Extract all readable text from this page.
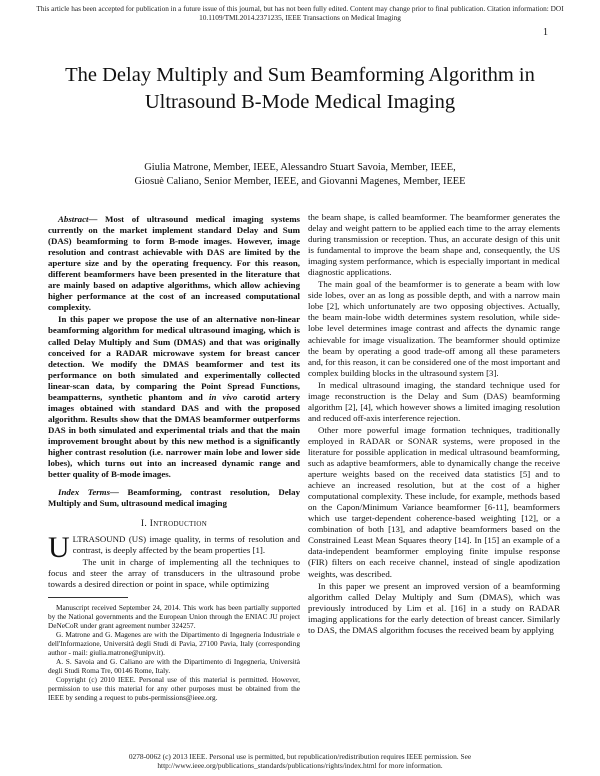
This article has been accepted for publication in a future issue of this journal, but has not been fully edited. Content may change prior to final publication. Citation information: DOI 10.1109/TMI.2014.2371235, IEEE Transactions on Medical Imaging
1
The Delay Multiply and Sum Beamforming Algorithm in Ultrasound B-Mode Medical Imaging
Giulia Matrone, Member, IEEE, Alessandro Stuart Savoia, Member, IEEE,
Giosuè Caliano, Senior Member, IEEE, and Giovanni Magenes, Member, IEEE

Abstract— Most of ultrasound medical imaging systems currently on the market implement standard Delay and Sum (DAS) beamforming to form B-mode images. However, image resolution and contrast achievable with DAS are limited by the aperture size and by the operating frequency. For this reason, different beamformers have been presented in the literature that are mainly based on adaptive algorithms, which allow achieving higher performance at the cost of an increased computational complexity.

In this paper we propose the use of an alternative non-linear beamforming algorithm for medical ultrasound imaging, which is called Delay Multiply and Sum (DMAS) and that was originally conceived for a RADAR microwave system for breast cancer detection. We modify the DMAS beamformer and test its performance on both simulated and experimentally collected linear-scan data, by comparing the Point Spread Functions, beampatterns, synthetic phantom and in vivo carotid artery images obtained with standard DAS and with the proposed algorithm. Results show that the DMAS beamformer outperforms DAS in both simulated and experimental trials and that the main improvement brought about by this new method is a significantly higher contrast resolution (i.e. narrower main lobe and lower side lobes), which turns out into an increased dynamic range and better quality of B-mode images.

Index Terms— Beamforming, contrast resolution, Delay Multiply and Sum, ultrasound medical imaging

I. Introduction

ULTRASOUND (US) image quality, in terms of resolution and contrast, is deeply affected by the beam properties [1].

The unit in charge of implementing all the techniques to focus and steer the array of transducers in the ultrasound probe towards a desired direction or point in space, while optimizing

Manuscript received September 24, 2014. This work has been partially supported by the National governments and the European Union through the ENIAC JU project DeNeCoR under grant agreement number 324257.

G. Matrone and G. Magenes are with the Dipartimento di Ingegneria Industriale e dell'Informazione, Università degli Studi di Pavia, 27100 Pavia, Italy (corresponding author - mail: giulia.matrone@unipv.it).

A. S. Savoia and G. Caliano are with the Dipartimento di Ingegneria, Università degli Studi Roma Tre, 00146 Rome, Italy.

Copyright (c) 2010 IEEE. Personal use of this material is permitted. However, permission to use this material for any other purposes must be obtained from the IEEE by sending a request to pubs-permissions@ieee.org.

the beam shape, is called beamformer. The beamformer generates the delay and weight pattern to be applied each time to the array elements during transmission or reception. Thus, an accurate design of this unit is fundamental to improve the beam shape and, consequently, the US imaging system performance, which is especially important in medical diagnostic applications.

The main goal of the beamformer is to generate a beam with low side lobes, over an as long as possible depth, and with a narrow main lobe [2], which unfortunately are two opposing objectives. Actually, the beam main-lobe width determines system resolution, while side-lobe level determines image contrast and affects the dynamic range achievable for image visualization. The beamformer should optimize the beam by operating a good trade-off among all these parameters and, for this reason, it can be considered one of the most important and complex building blocks in the ultrasound system [3].

In medical ultrasound imaging, the standard technique used for image reconstruction is the Delay and Sum (DAS) beamforming algorithm [2], [4], which however shows a limited imaging resolution and reduced off-axis interference rejection.

Other more powerful image formation techniques, traditionally employed in RADAR or SONAR systems, were proposed in the literature for possible application in medical ultrasound beamforming, such as adaptive beamformers, able to dynamically change the receive aperture weights based on the received data statistics [5] and to achieve an increased resolution, but at the cost of a higher computational complexity. These include, for example, methods based on the Capon/Minimum Variance beamformer [6-11], beamformers which use target-dependent coherence-based weighting [12], or a combination of both [13], and adaptive beamformers based on the Constrained Least Mean Squares theory [14]. In [15] an example of a data-independent beamformer employing finite impulse response (FIR) filters on each receive channel, instead of single apodization weights, was described.

In this paper we present an improved version of a beamforming algorithm called Delay Multiply and Sum (DMAS), which was previously introduced by Lim et al. [16] in a study on RADAR imaging applications for the early detection of breast cancer. Similarly to DAS, the DMAS algorithm focuses the received beam by applying

0278-0062 (c) 2013 IEEE. Personal use is permitted, but republication/redistribution requires IEEE permission. See http://www.ieee.org/publications_standards/publications/rights/index.html for more information.
